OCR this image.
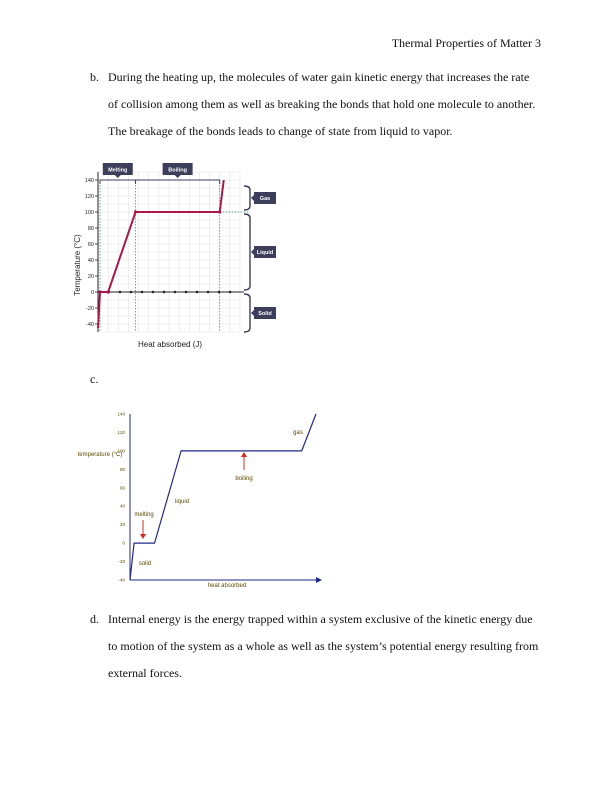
Thermal Properties of Matter 3
b. During the heating up, the molecules of water gain kinetic energy that increases the rate
of collision among them as well as breaking the bonds that hold one molecule to another.
The breakage of the bonds leads to change of state from liquid to vapor.
140
120
100
80
60
40
20
0
-20
-40
Melting	Boiling
Gas
Liquid
Solid
Temperature (°C)
Heat absorbed (J)
c.
140
120
100
80
60
40
20
0
-20
-40
gas
boiling
liquid
melting
solid
temperature (°C)
heat absorbed
d. Internal energy is the energy trapped within a system exclusive of the kinetic energy due
to motion of the system as a whole as well as the system’s potential energy resulting from
external forces.
